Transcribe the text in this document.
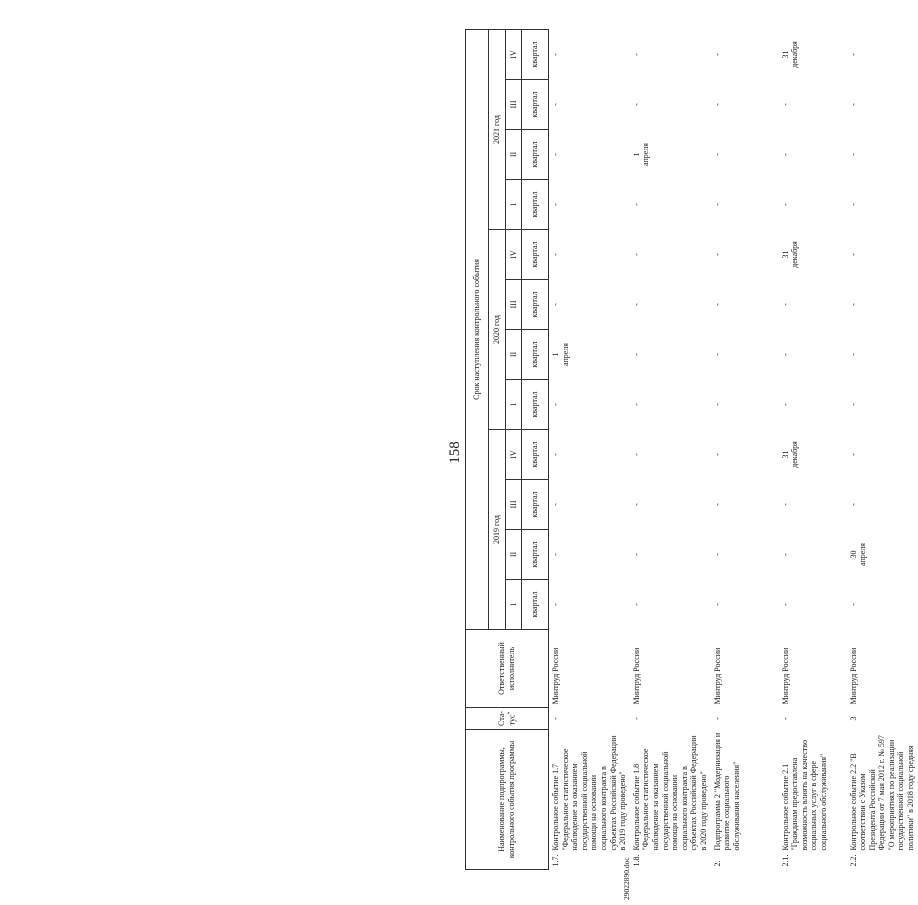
158
Наименование подпрограммы, контрольного события программы		Ста- тус*	Ответственный исполнитель	Срок наступления контрольного события											
				2019 год				2020 год				2021 год			
				I	II	III	IV	I	II	III	IV	I	II	III	IV
				квартал	квартал	квартал	квартал	квартал	квартал	квартал	квартал	квартал	квартал	квартал	квартал
1.7.	Контрольное событие 1.7 "Федеральное статистическое наблюдение за оказанием государственной социальной помощи на основании социального контракта в субъектах Российской Федерации в 2019 году проведено"	-	Минтруд России	-	-	-	-	-	1 апреля	-	-	-	-	-	-
1.8.	Контрольное событие 1.8 "Федеральное статистическое наблюдение за оказанием государственной социальной помощи на основании социального контракта в субъектах Российской Федерации в 2020 году проведено"	-	Минтруд России	-	-	-	-	-	-	-	-	-	1 апреля	-	-
2.	Подпрограмма 2 "Модернизация и развитие социального обслуживания населения"	-	Минтруд России	-	-	-	-	-	-	-	-	-	-	-	-
2.1.	Контрольное событие 2.1 "Гражданам предоставлена возможность влиять на качество социальных услуг в сфере социального обслуживания"	-	Минтруд России	-	-	-	31 декабря	-	-	-	31 декабря	-	-	-	31 декабря

2.2.	Контрольное событие 2.2 "В соответствии с Указом Президента Российской Федерации от 7 мая 2012 г. № 597 "О мероприятиях по реализации государственной социальной политики" в 2018 году средняя	3	Минтруд России	-	30 апреля	-	-	-	-	-	-	-	-	-	-
29022890.doc
